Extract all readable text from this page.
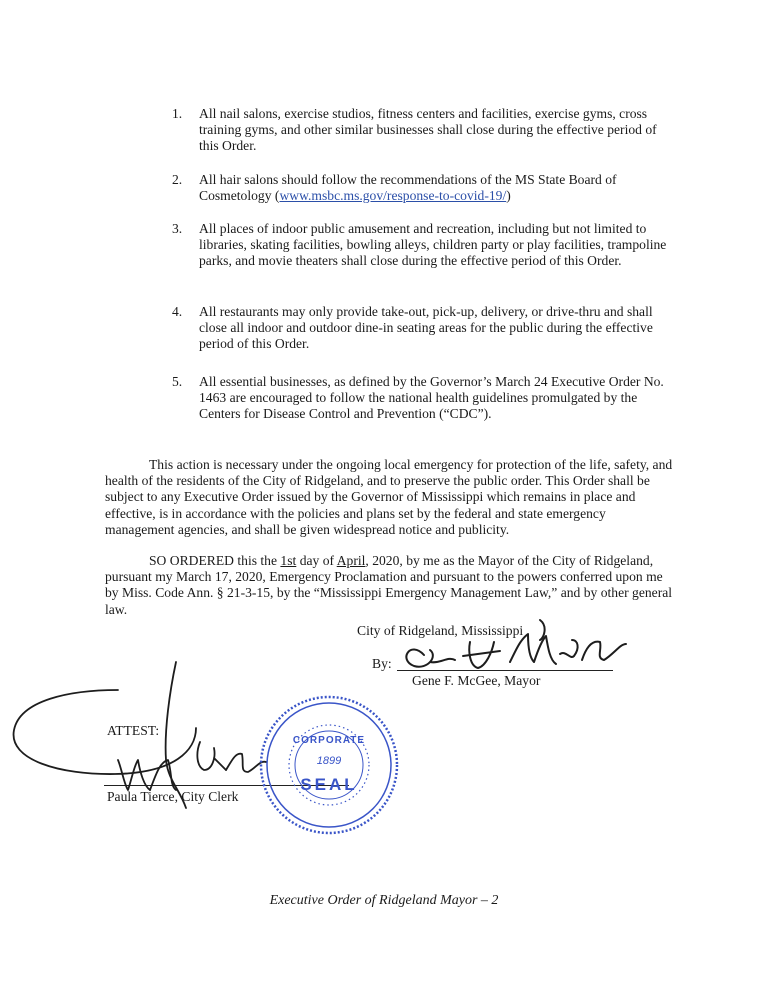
1. All nail salons, exercise studios, fitness centers and facilities, exercise gyms, cross training gyms, and other similar businesses shall close during the effective period of this Order.
2. All hair salons should follow the recommendations of the MS State Board of Cosmetology (www.msbc.ms.gov/response-to-covid-19/)
3. All places of indoor public amusement and recreation, including but not limited to libraries, skating facilities, bowling alleys, children party or play facilities, trampoline parks, and movie theaters shall close during the effective period of this Order.
4. All restaurants may only provide take-out, pick-up, delivery, or drive-thru and shall close all indoor and outdoor dine-in seating areas for the public during the effective period of this Order.
5. All essential businesses, as defined by the Governor’s March 24 Executive Order No. 1463 are encouraged to follow the national health guidelines promulgated by the Centers for Disease Control and Prevention (“CDC”).
This action is necessary under the ongoing local emergency for protection of the life, safety, and health of the residents of the City of Ridgeland, and to preserve the public order. This Order shall be subject to any Executive Order issued by the Governor of Mississippi which remains in place and effective, is in accordance with the policies and plans set by the federal and state emergency management agencies, and shall be given widespread notice and publicity.
SO ORDERED this the 1st day of April, 2020, by me as the Mayor of the City of Ridgeland, pursuant my March 17, 2020, Emergency Proclamation and pursuant to the powers conferred upon me by Miss. Code Ann. § 21-3-15, by the “Mississippi Emergency Management Law,” and by other general law.
City of Ridgeland, Mississippi
By:
Gene F. McGee, Mayor
ATTEST:
Paula Tierce, City Clerk
Executive Order of Ridgeland Mayor – 2
CORPORATE
1899
SEAL
